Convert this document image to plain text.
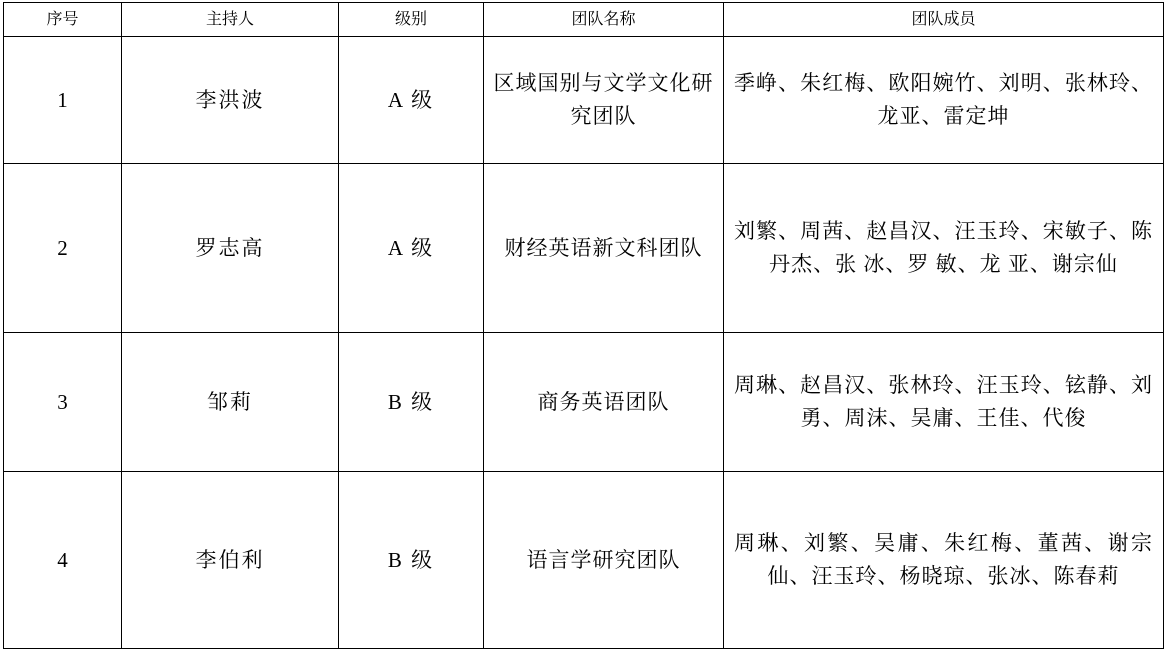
序号	主持人	级别	团队名称	团队成员
1	李洪波	A 级	区域国别与文学文化研究团队	季峥、朱红梅、欧阳婉竹、刘明、张林玲、龙亚、雷定坤

2	罗志高	A 级	财经英语新文科团队	刘繁、周茜、赵昌汉、汪玉玲、宋敏子、陈丹杰、张 冰、罗 敏、龙 亚、谢宗仙

3	邹莉	B 级	商务英语团队	周琳、赵昌汉、张林玲、汪玉玲、铉静、刘勇、周沫、吴庸、王佳、代俊

4	李伯利	B 级	语言学研究团队	周琳、刘繁、吴庸、朱红梅、董茜、谢宗仙、汪玉玲、杨晓琼、张冰、陈春莉
